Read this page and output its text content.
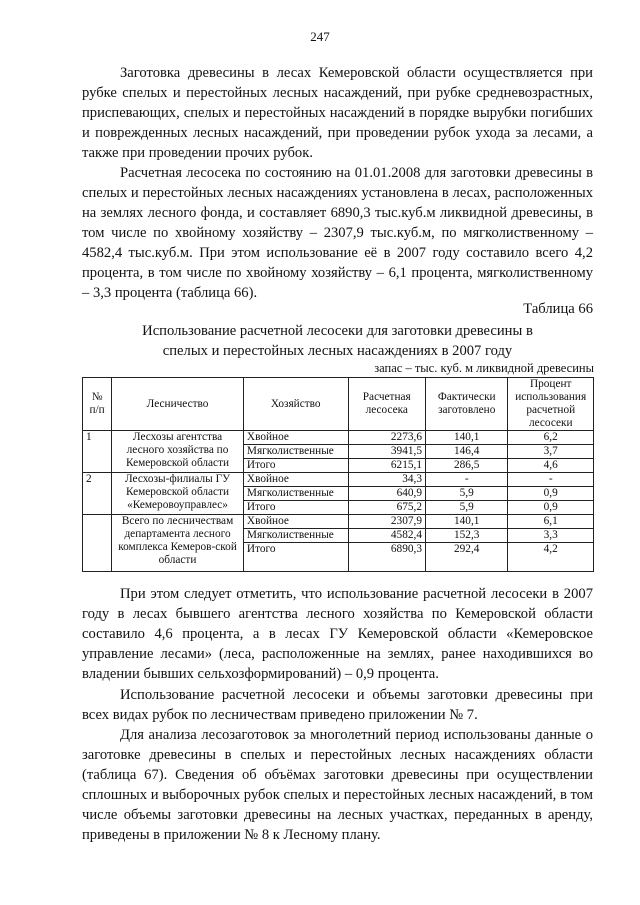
247

Заготовка древесины в лесах Кемеровской области осуществляется при рубке спелых и перестойных лесных насаждений, при рубке средневозрастных, приспевающих, спелых и перестойных насаждений в порядке вырубки погибших и поврежденных лесных насаждений, при проведении рубок ухода за лесами, а также при проведении прочих рубок.

Расчетная лесосека по состоянию на 01.01.2008 для заготовки древесины в спелых и перестойных лесных насаждениях установлена в лесах, расположенных на землях лесного фонда, и составляет 6890,3 тыс.куб.м ликвидной древесины, в том числе по хвойному хозяйству – 2307,9 тыс.куб.м, по мягколиственному – 4582,4 тыс.куб.м. При этом использование её в 2007 году составило всего 4,2 процента, в том числе по хвойному хозяйству – 6,1 процента, мягколиственному – 3,3 процента (таблица 66).

Таблица 66
Использование расчетной лесосеки для заготовки древесины в
спелых и перестойных лесных насаждениях в 2007 году
запас – тыс. куб. м ликвидной древесины
№ п/п	Лесничество	Хозяйство	Расчетная лесосека	Фактически заготовлено	Процент использования расчетной лесосеки
1	Лесхозы агентства лесного хозяйства по Кемеровской области	Хвойное	2273,6	140,1	6,2
		Мягколиственные	3941,5	146,4	3,7
		Итого	6215,1	286,5	4,6
2	Лесхозы-филиалы ГУ Кемеровской области «Кемеровоуправлес»	Хвойное	34,3	-	-
		Мягколиственные	640,9	5,9	0,9
		Итого	675,2	5,9	0,9
	Всего по лесничествам департамента лесного комплекса Кемеров-ской области	Хвойное	2307,9	140,1	6,1
		Мягколиственные	4582,4	152,3	3,3
		Итого	6890,3	292,4	4,2

При этом следует отметить, что использование расчетной лесосеки в 2007 году в лесах бывшего агентства лесного хозяйства по Кемеровской области составило 4,6 процента, а в лесах ГУ Кемеровской области «Кемеровское управление лесами» (леса, расположенные на землях, ранее находившихся во владении бывших сельхозформирований) – 0,9 процента.

Использование расчетной лесосеки и объемы заготовки древесины при всех видах рубок по лесничествам приведено приложении № 7.

Для анализа лесозаготовок за многолетний период использованы данные о заготовке древесины в спелых и перестойных лесных насаждениях области (таблица 67). Сведения об объёмах заготовки древесины при осуществлении сплошных и выборочных рубок спелых и перестойных лесных насаждений, в том числе объемы заготовки древесины на лесных участках, переданных в аренду, приведены в приложении № 8 к Лесному плану.
